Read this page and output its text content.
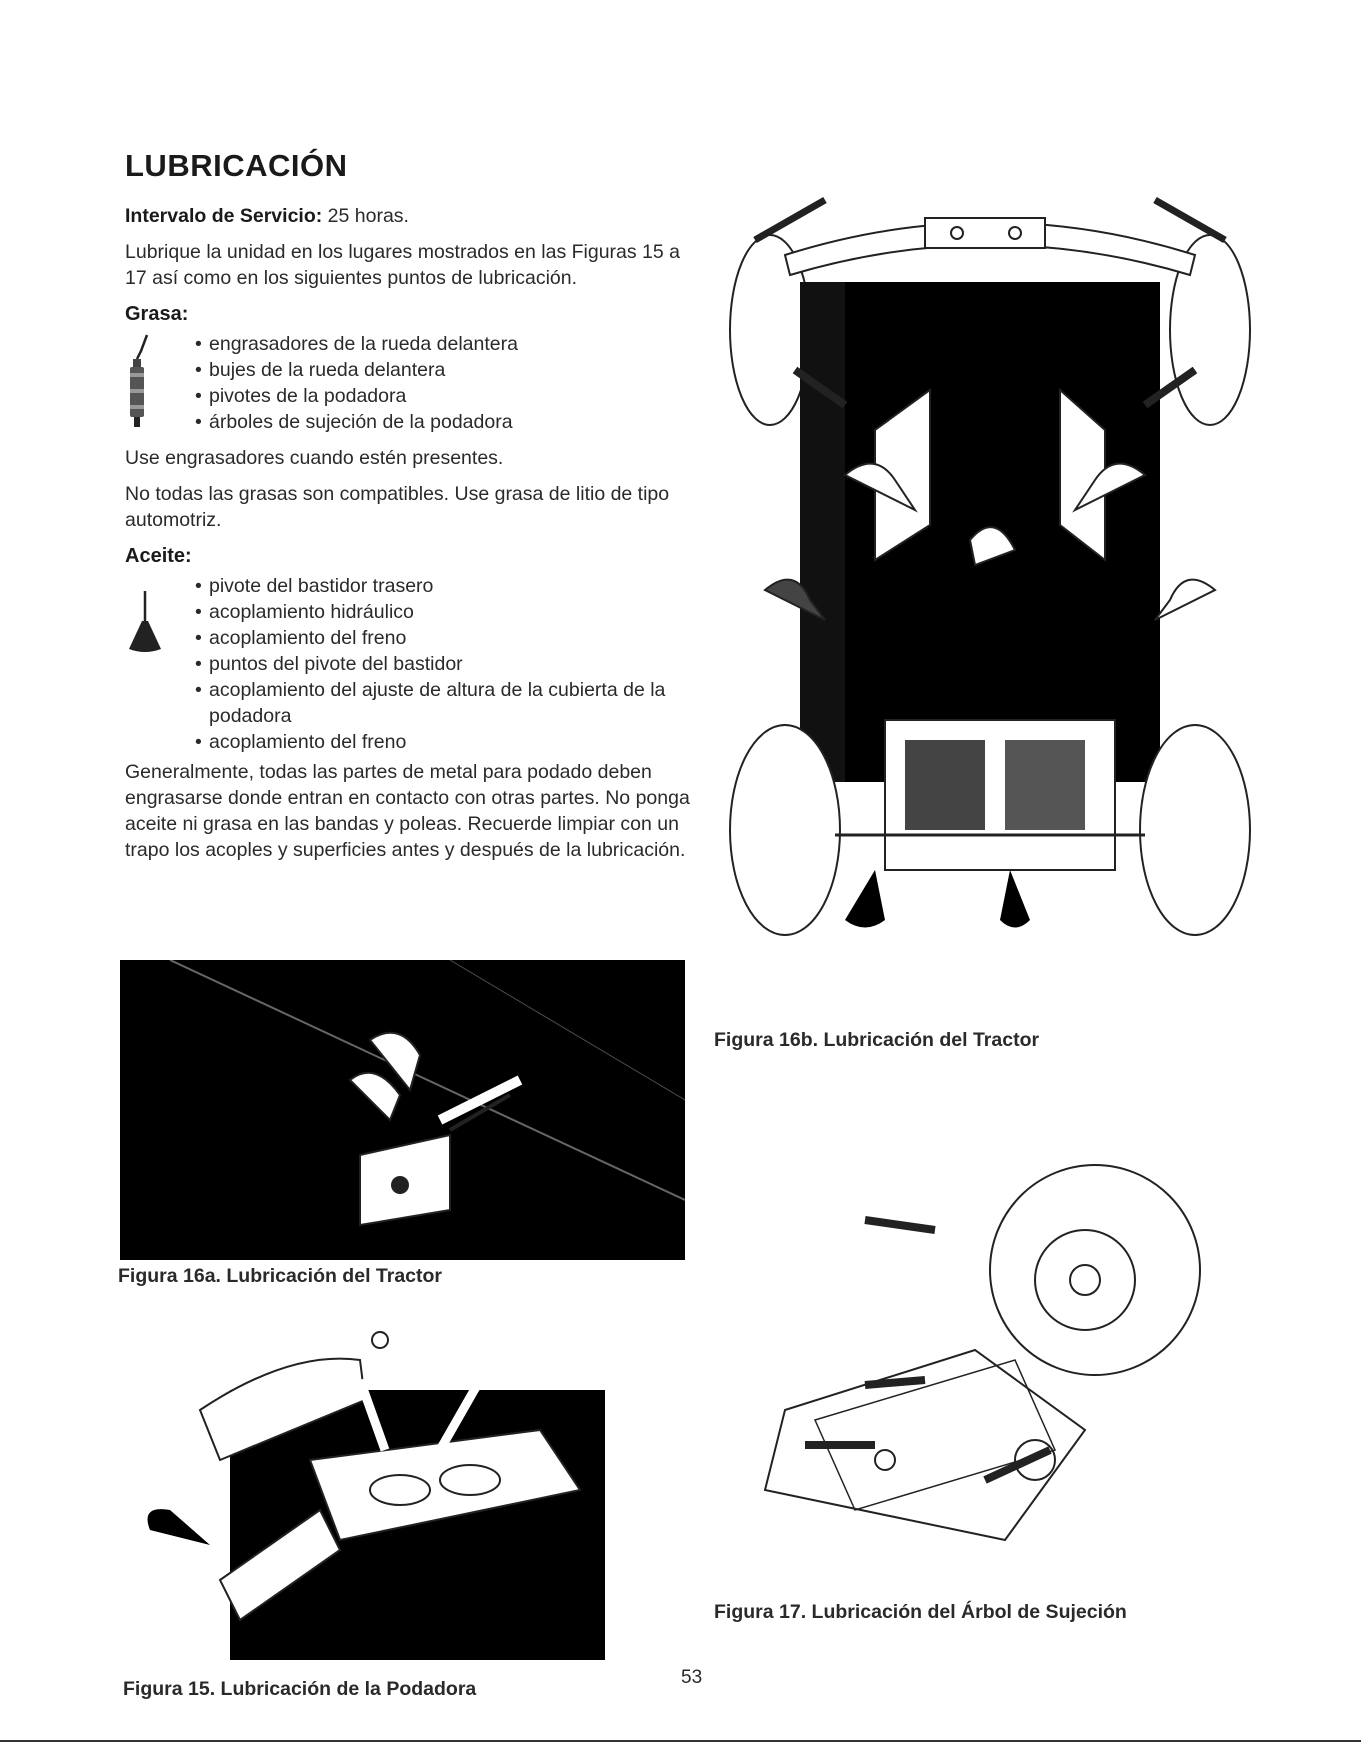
LUBRICACIÓN

Intervalo de Servicio: 25 horas.

Lubrique la unidad en los lugares mostrados en las Figuras 15 a 17 así como en los siguientes puntos de lubricación.

Grasa:
• engrasadores de la rueda delantera
• bujes de la rueda delantera
• pivotes de la podadora
• árboles de sujeción de la podadora

Use engrasadores cuando estén presentes.

No todas las grasas son compatibles. Use grasa de litio de tipo automotriz.

Aceite:
• pivote del bastidor trasero
• acoplamiento hidráulico
• acoplamiento del freno
• puntos del pivote del bastidor
• acoplamiento del ajuste de altura de la cubierta de la podadora
• acoplamiento del freno

Generalmente, todas las partes de metal para podado deben engrasarse donde entran en contacto con otras partes. No ponga aceite ni grasa en las bandas y poleas. Recuerde limpiar con un trapo los acoples y superficies antes y después de la lubricación.

Figura 16a. Lubricación del Tractor
Figura 16b. Lubricación del Tractor
Figura 15. Lubricación de la Podadora
Figura 17. Lubricación del Árbol de Sujeción
53
